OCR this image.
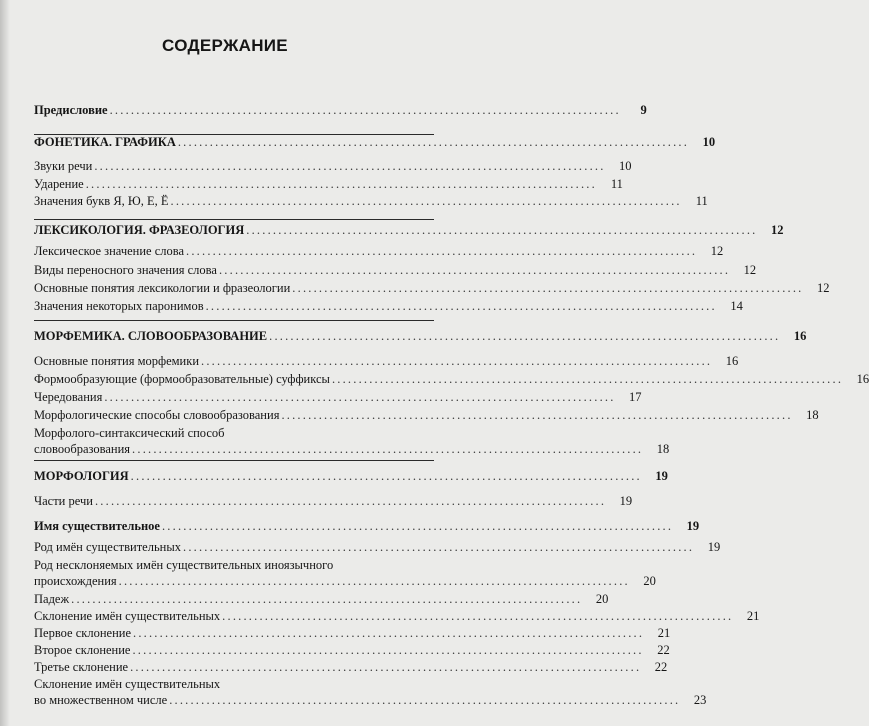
СОДЕРЖАНИЕ
Предисловие ................................................................................................	9
ФОНЕТИКА. ГРАФИКА ................................................................................................	10
Звуки речи ................................................................................................	10
Ударение ................................................................................................	11
Значения букв Я, Ю, Е, Ё ................................................................................................	11
ЛЕКСИКОЛОГИЯ. ФРАЗЕОЛОГИЯ ................................................................................................	12
Лексическое значение слова ................................................................................................	12
Виды переносного значения слова ................................................................................................	12
Основные понятия лексикологии и фразеологии ................................................................................................	12
Значения некоторых паронимов ................................................................................................	14
МОРФЕМИКА. СЛОВООБРАЗОВАНИЕ ................................................................................................	16
Основные понятия морфемики ................................................................................................	16
Формообразующие (формообразовательные) суффиксы ................................................................................................	16
Чередования ................................................................................................	17
Морфологические способы словообразования ................................................................................................	18
Морфолого-синтаксический способ
словообразования ................................................................................................	18
МОРФОЛОГИЯ ................................................................................................	19
Части речи ................................................................................................	19
Имя существительное ................................................................................................	19
Род имён существительных ................................................................................................	19
Род несклоняемых имён существительных иноязычного
происхождения ................................................................................................	20
Падеж ................................................................................................	20
Склонение имён существительных ................................................................................................	21
Первое склонение ................................................................................................	21
Второе склонение ................................................................................................	22
Третье склонение ................................................................................................	22
Склонение имён существительных
во множественном числе ................................................................................................	23
